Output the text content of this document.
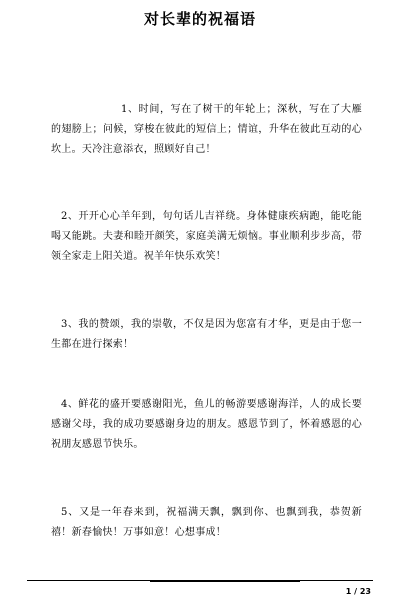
对长辈的祝福语
1、时间，写在了树干的年轮上；深秋，写在了大雁的翅膀上；问候，穿梭在彼此的短信上；情谊，升华在彼此互动的心坎上。天冷注意添衣，照顾好自己！
2、开开心心羊年到，句句话儿吉祥绕。身体健康疾病跑，能吃能喝又能跳。夫妻和睦开颜笑，家庭美满无烦恼。事业顺利步步高，带领全家走上阳关道。祝羊年快乐欢笑！
3、我的赞颂，我的崇敬，不仅是因为您富有才华，更是由于您一生都在进行探索！
4、鲜花的盛开要感谢阳光，鱼儿的畅游要感谢海洋，人的成长要感谢父母，我的成功要感谢身边的朋友。感恩节到了，怀着感恩的心祝朋友感恩节快乐。
5、又是一年春来到，祝福满天飘，飘到你、也飘到我，恭贺新禧！新春愉快！万事如意！心想事成！
1 / 23
